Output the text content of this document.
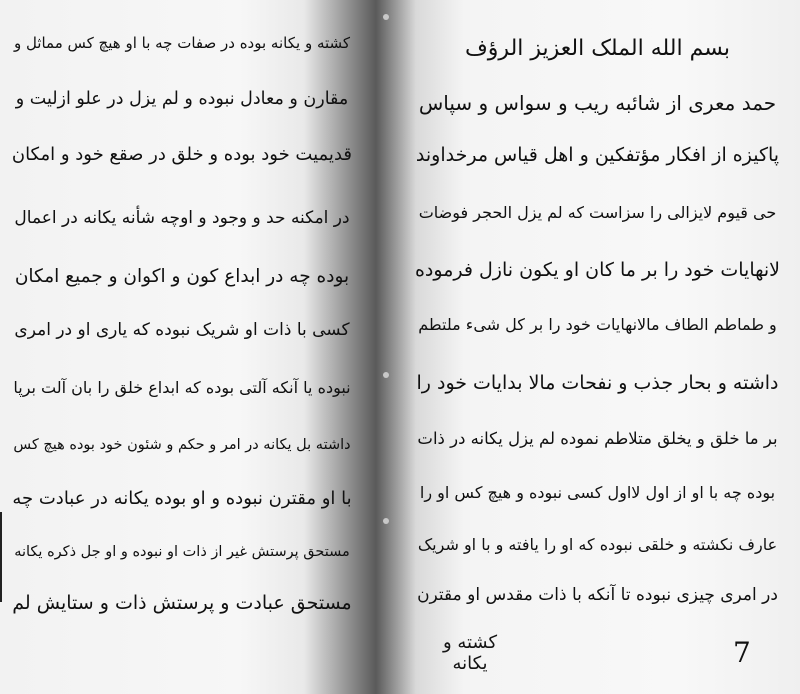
کشته و یکانه بوده در صفات چه با او هیچ کس مماثل و
مقارن و معادل نبوده و لم یزل در علو ازلیت و
قدیمیت خود بوده و خلق در صقع خود و امکان
در امکنه حد و وجود و اوچه شأنه یکانه در اعمال
بوده چه در ابداع کون و اکوان و جمیع امکان
کسی با ذات او شریک نبوده که یاری او در امری
نبوده یا آنکه آلتی بوده که ابداع خلق را بان آلت برپا
داشته بل یکانه در امر و حکم و شئون خود بوده هیچ کس
با او مقترن نبوده و او بوده یکانه در عبادت چه
مستحق پرستش غیر از ذات او نبوده و او جل ذکره یکانه
مستحق عبادت و پرستش ذات و ستایش لم
بسم الله الملک العزیز الرؤف
حمد معری از شائبه ریب و سواس و سپاس
پاکیزه از افکار مؤتفکین و اهل قیاس مرخداوند
حی قیوم لایزالی را سزاست که لم یزل الحجر فوضات
لانهایات خود را بر ما کان او یکون نازل فرموده
و طماطم الطاف مالانهایات خود را بر کل شیء ملتطم
داشته و بحار جذب و نفحات مالا بدایات خود را
بر ما خلق و یخلق متلاطم نموده لم یزل یکانه در ذات
بوده چه با او از اول لااول کسی نبوده و هیچ کس او را
عارف نکشته و خلقی نبوده که او را یافته و با او شریک
در امری چیزی نبوده تا آنکه با ذات مقدس او مقترن
کشته و یکانه	7
